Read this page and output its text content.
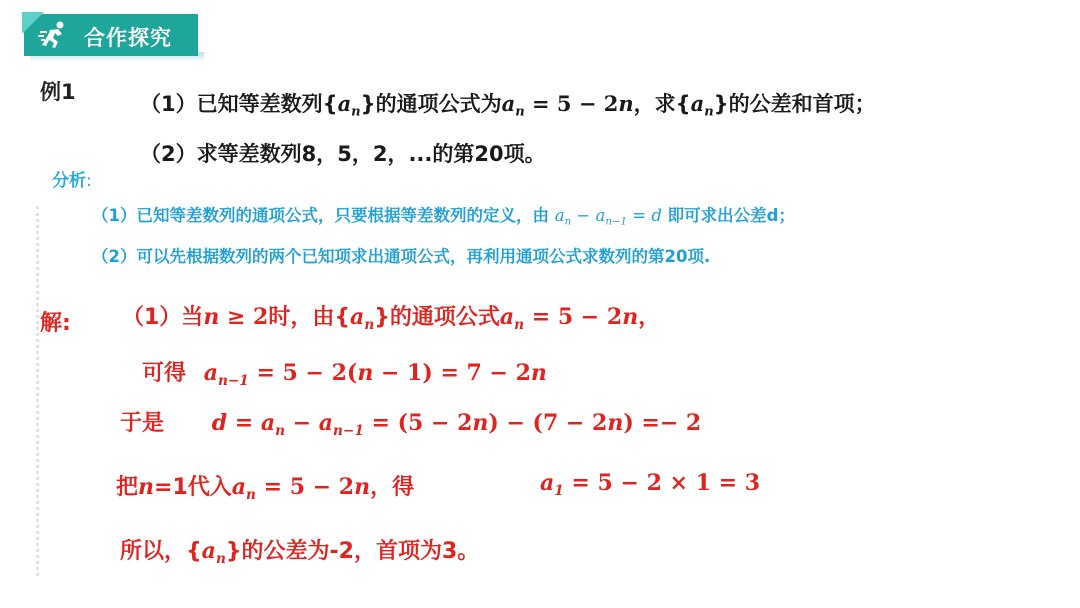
合作探究
例1	（1）已知等差数列$\{a_n\}$的通项公式为$a_n = 5 - 2n$，求$\{a_n\}$的公差和首项；
（2）求等差数列8，5，2，...的第20项。
分析:
（1）已知等差数列的通项公式，只要根据等差数列的定义，由 $a_n - a_{n-1} = d$ 即可求出公差d；
（2）可以先根据数列的两个已知项求出通项公式，再利用通项公式求数列的第20项.
解: （1）当n ≥ 2时，由$\{a_n\}$的通项公式$a_n = 5 - 2n$，
可得 $a_{n-1} = 5 - 2(n - 1) = 7 - 2n$
于是 $d = a_n - a_{n-1} = (5 - 2n) - (7 - 2n) =- 2$
把n=1代入$a_n = 5 - 2n$，得	$a_1 = 5 - 2 \times 1 = 3$
所以，$\{a_n\}$的公差为-2，首项为3。
